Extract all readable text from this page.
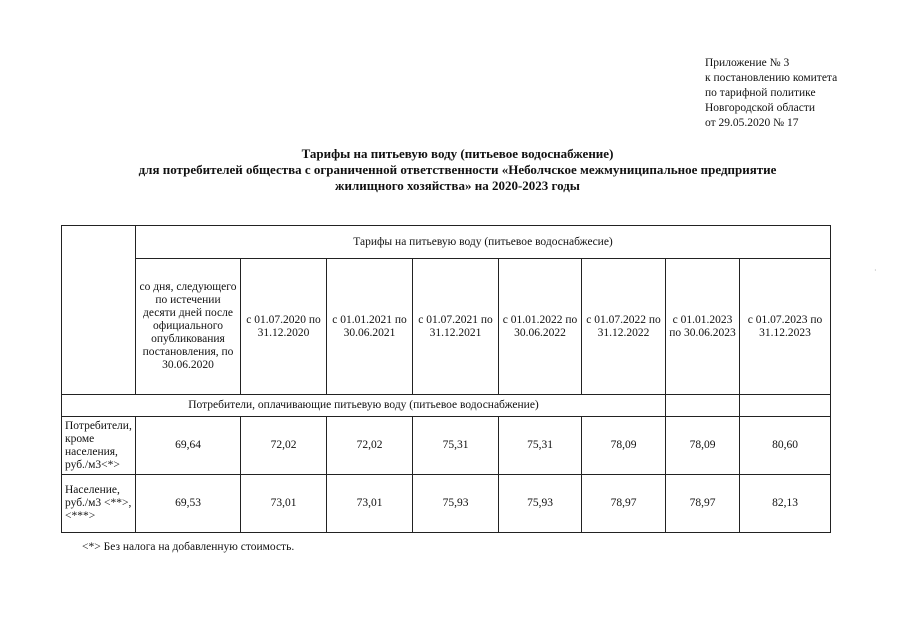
Приложение № 3
к постановлению комитета
по тарифной политике
Новгородской области
от 29.05.2020 № 17
Тарифы на питьевую воду (питьевое водоснабжение)
для потребителей общества с ограниченной ответственности «Неболчское межмуниципальное предприятие
жилищного хозяйства» на 2020-2023 годы
	Тарифы на питьевую воду (питьевое водоснабжеcие)							
	со дня, следующего по истечении десяти дней после официального опубликования постановления, по 30.06.2020	с 01.07.2020 по 31.12.2020	с 01.01.2021 по 30.06.2021	с 01.07.2021 по 31.12.2021	с 01.01.2022 по 30.06.2022	с 01.07.2022 по 31.12.2022	с 01.01.2023 по 30.06.2023	с 01.07.2023 по 31.12.2023
Потребители, оплачивающие питьевую воду (питьевое водоснабжение)								
Потребители, кроме населения, руб./м3<*>	69,64	72,02	72,02	75,31	75,31	78,09	78,09	80,60
Население, руб./м3 <**>, <***>	69,53	73,01	73,01	75,93	75,93	78,97	78,97	82,13
<*> Без налога на добавленную стоимость.
·
